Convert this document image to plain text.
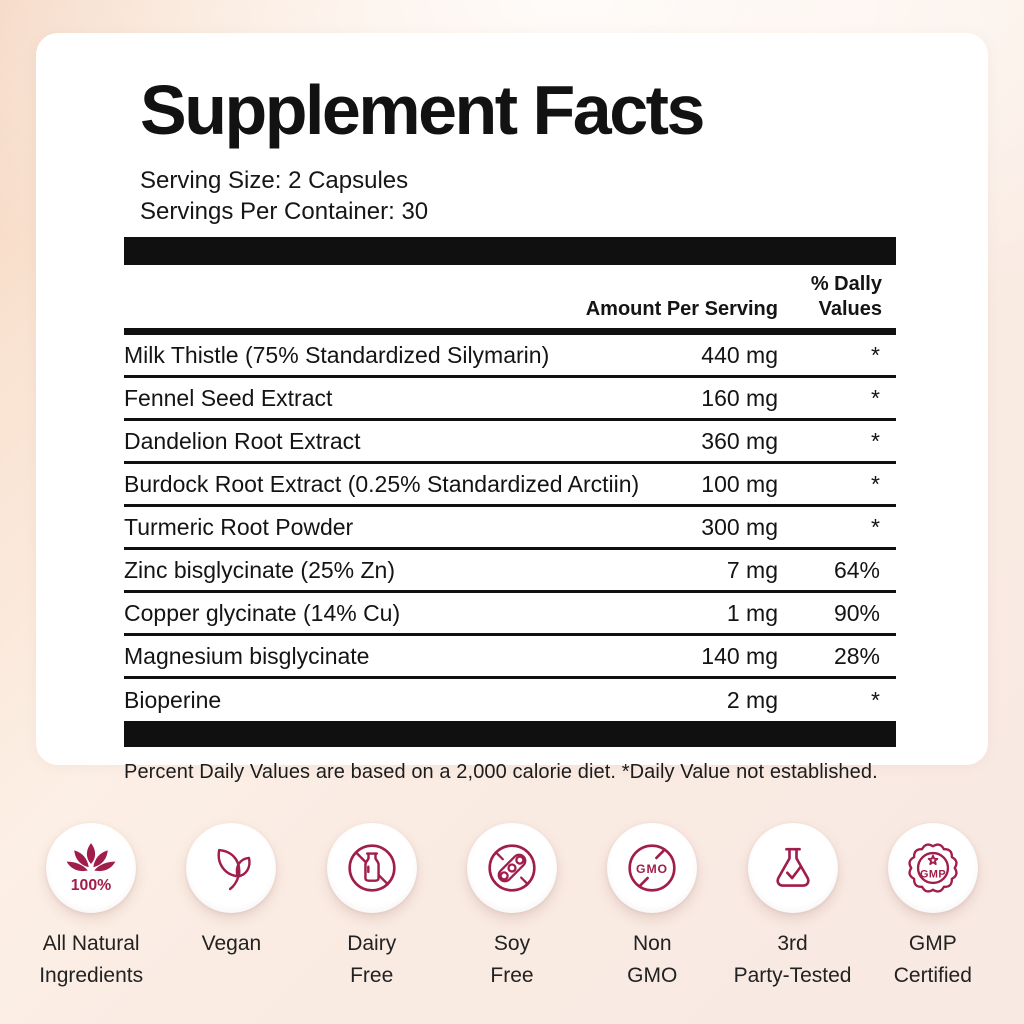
Supplement Facts
Serving Size: 2 Capsules
Servings Per Container: 30
Amount Per Serving
% Dally
Values
Milk Thistle (75% Standardized Silymarin)	440 mg	*
Fennel Seed Extract	160 mg	*
Dandelion Root Extract	360 mg	*
Burdock Root Extract (0.25% Standardized Arctiin)	100 mg	*
Turmeric Root Powder	300 mg	*
Zinc bisglycinate (25% Zn)	7 mg	64%
Copper glycinate (14% Cu)	1 mg	90%
Magnesium bisglycinate	140 mg	28%
Bioperine	2 mg	*
Percent Daily Values are based on a 2,000 calorie diet. *Daily Value not established.
100%
All Natural
Ingredients
Vegan	Dairy
Free
Soy
Free
GMO
Non
GMO
3rd
Party-Tested
GMP
GMP
Certified
